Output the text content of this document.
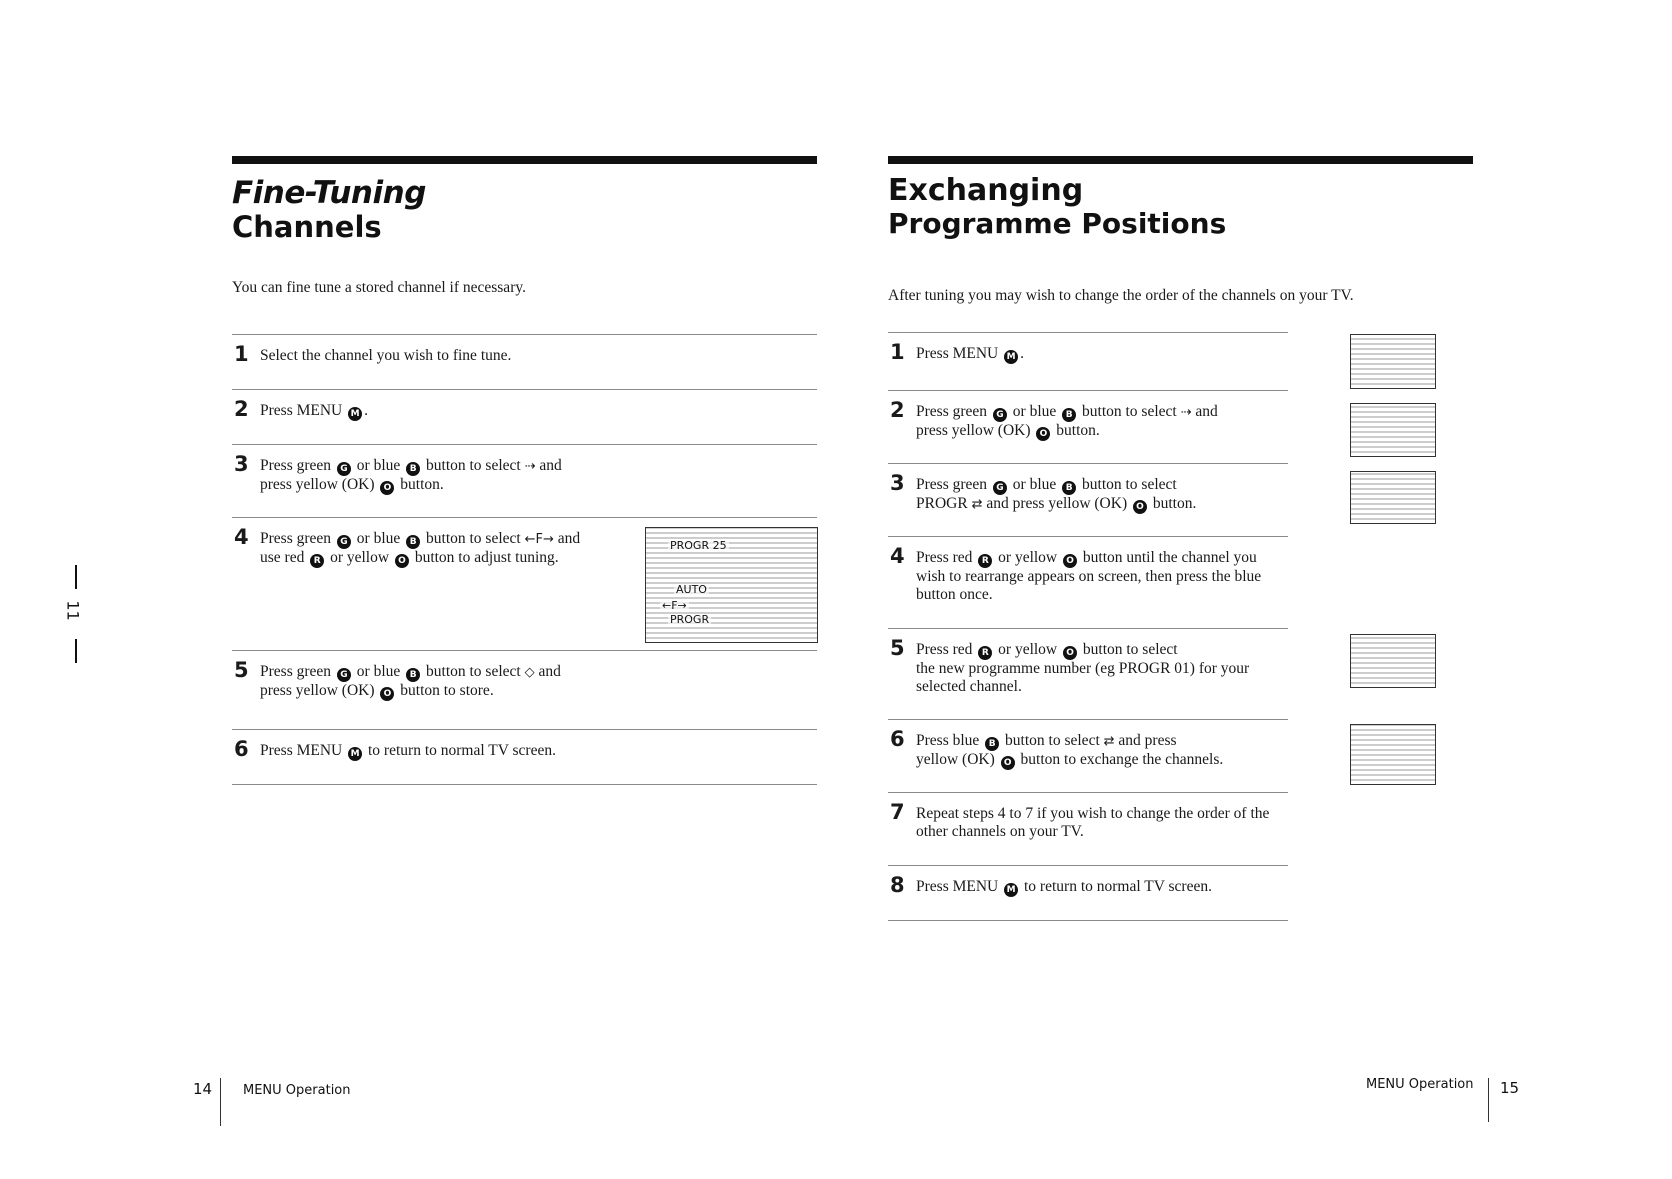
11
Fine-Tuning
Channels

You can fine tune a stored channel if necessary.

1 Select the channel you wish to fine tune.
2 Press MENU M .
3 Press green G or blue B button to select ⇢ and
press yellow (OK) O button.
4 Press green G or blue B button to select ←F→ and
use red R or yellow O button to adjust tuning.
PROGR 25
AUTO
←F→
PROGR
5 Press green G or blue B button to select ◇ and
press yellow (OK) O button to store.
6 Press MENU M to return to normal TV screen.
Exchanging
Programme Positions

After tuning you may wish to change the order of the channels on your TV.

1 Press MENU M .
2 Press green G or blue B button to select ⇢ and
press yellow (OK) O button.
3 Press green G or blue B button to select
PROGR ⇄ and press yellow (OK) O button.
4 Press red R or yellow O button until the channel you wish to rearrange appears on screen, then press the blue button once.
5 Press red R or yellow O button to select
the new programme number (eg PROGR 01) for your selected channel.
6 Press blue B button to select ⇄ and press
yellow (OK) O button to exchange the channels.
7 Repeat steps 4 to 7 if you wish to change the order of the other channels on your TV.
8 Press MENU M to return to normal TV screen.
14 MENU Operation	MENU Operation 15
